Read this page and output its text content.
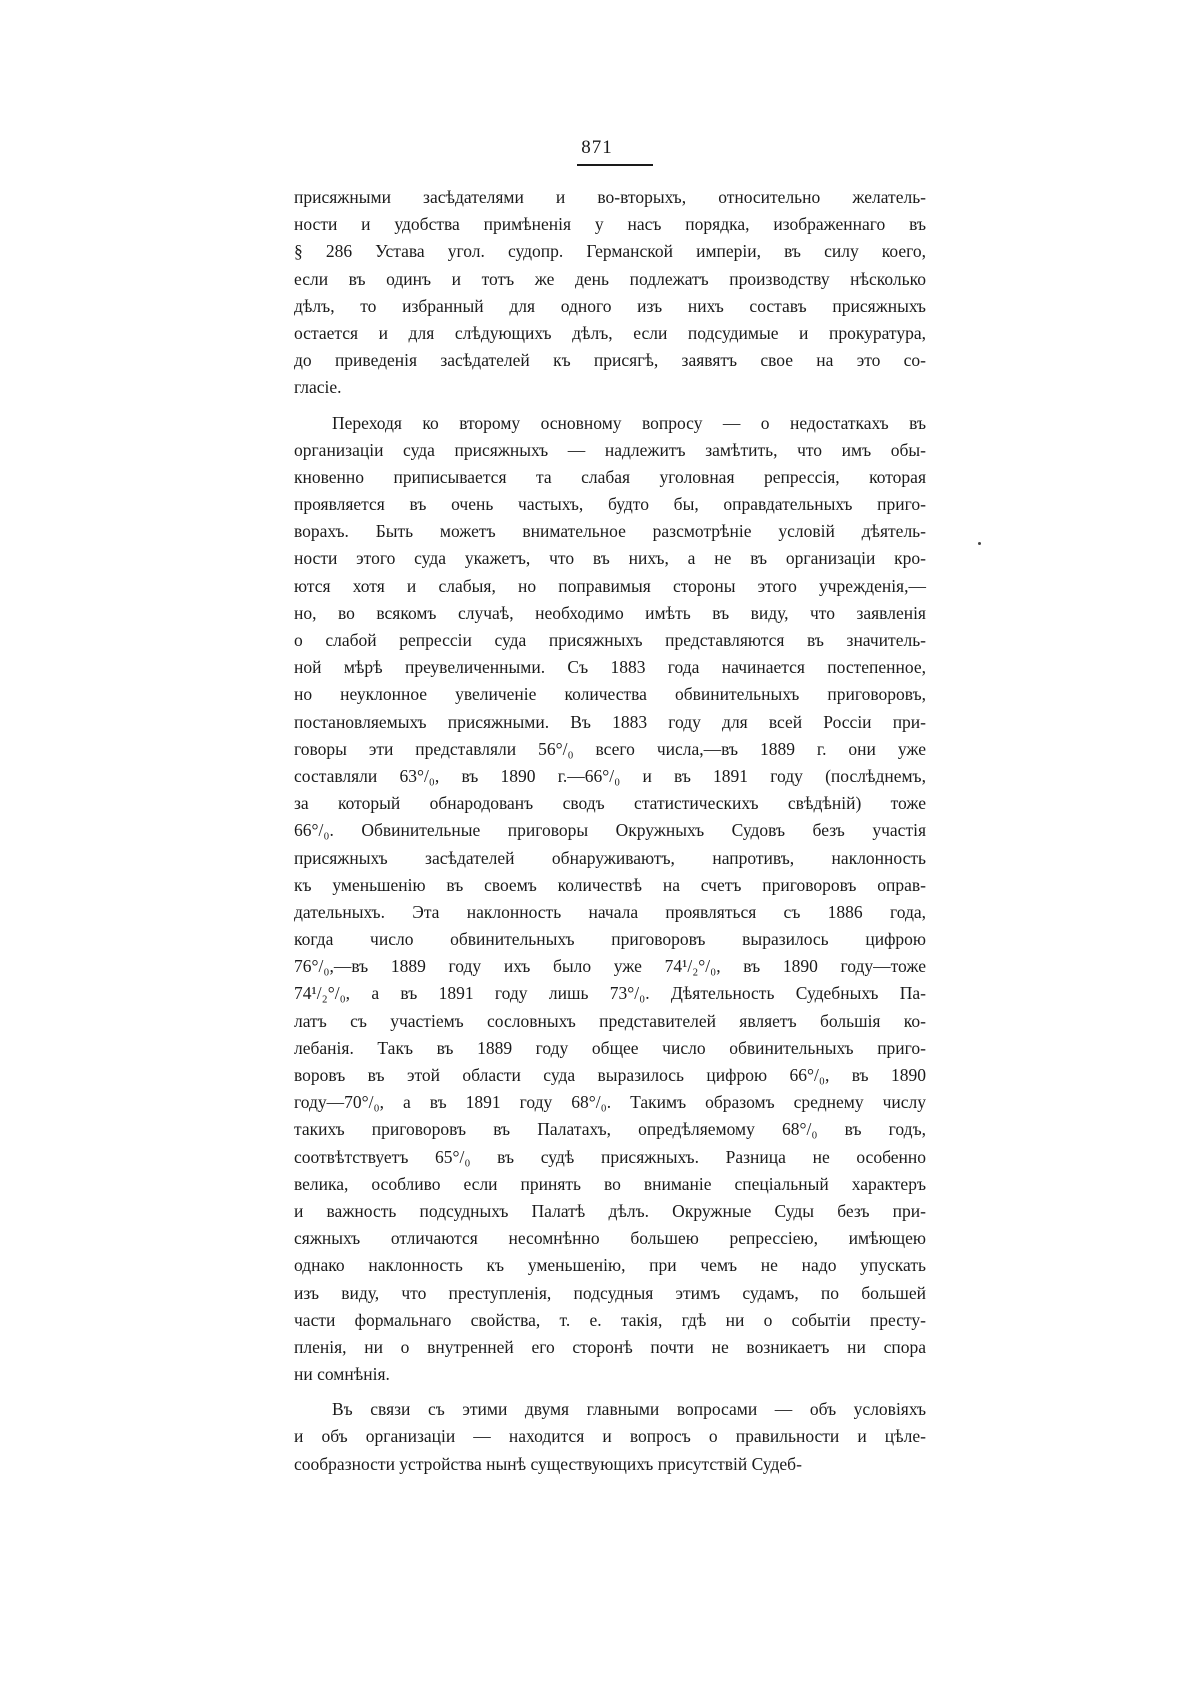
871
присяжными засѣдателями и во-вторыхъ, относительно желатель-
ности и удобства примѣненія у насъ порядка, изображеннаго въ
§ 286 Устава угол. судопр. Германской имперіи, въ силу коего,
если въ одинъ и тотъ же день подлежатъ производству нѣсколько
дѣлъ, то избранный для одного изъ нихъ составъ присяжныхъ
остается и для слѣдующихъ дѣлъ, если подсудимые и прокуратура,
до приведенія засѣдателей къ присягѣ, заявятъ свое на это со-
гласіе.
Переходя ко второму основному вопросу — о недостаткахъ въ
организаціи суда присяжныхъ — надлежитъ замѣтить, что имъ обы-
кновенно приписывается та слабая уголовная репрессія, которая
проявляется въ очень частыхъ, будто бы, оправдательныхъ приго-
ворахъ. Быть можетъ внимательное разсмотрѣніе условій дѣятель-
ности этого суда укажетъ, что въ нихъ, а не въ организаціи кро-
ются хотя и слабыя, но поправимыя стороны этого учрежденія,—
но, во всякомъ случаѣ, необходимо имѣть въ виду, что заявленія
о слабой репрессіи суда присяжныхъ представляются въ значитель-
ной мѣрѣ преувеличенными. Съ 1883 года начинается постепенное,
но неуклонное увеличеніе количества обвинительныхъ приговоровъ,
постановляемыхъ присяжными. Въ 1883 году для всей Россіи при-
говоры эти представляли 56°/₀ всего числа,—въ 1889 г. они уже
составляли 63°/₀, въ 1890 г.—66°/₀ и въ 1891 году (послѣднемъ,
за который обнародованъ сводъ статистическихъ свѣдѣній) тоже
66°/₀. Обвинительные приговоры Окружныхъ Судовъ безъ участія
присяжныхъ засѣдателей обнаруживаютъ, напротивъ, наклонность
къ уменьшенію въ своемъ количествѣ на счетъ приговоровъ оправ-
дательныхъ. Эта наклонность начала проявляться съ 1886 года,
когда число обвинительныхъ приговоровъ выразилось цифрою
76°/₀,—въ 1889 году ихъ было уже 74¹/₂°/₀, въ 1890 году—тоже
74¹/₂°/₀, а въ 1891 году лишь 73°/₀. Дѣятельность Судебныхъ Па-
латъ съ участіемъ сословныхъ представителей являетъ большія ко-
лебанія. Такъ въ 1889 году общее число обвинительныхъ приго-
воровъ въ этой области суда выразилось цифрою 66°/₀, въ 1890
году—70°/₀, а въ 1891 году 68°/₀. Такимъ образомъ среднему числу
такихъ приговоровъ въ Палатахъ, опредѣляемому 68°/₀ въ годъ,
соотвѣтствуетъ 65°/₀ въ судѣ присяжныхъ. Разница не особенно
велика, особливо если принять во вниманіе спеціальный характеръ
и важность подсудныхъ Палатѣ дѣлъ. Окружные Суды безъ при-
сяжныхъ отличаются несомнѣнно большею репрессіею, имѣющею
однако наклонность къ уменьшенію, при чемъ не надо упускать
изъ виду, что преступленія, подсудныя этимъ судамъ, по большей
части формальнаго свойства, т. е. такія, гдѣ ни о событіи престу-
пленія, ни о внутренней его сторонѣ почти не возникаетъ ни спора
ни сомнѣнія.
Въ связи съ этими двумя главными вопросами — объ условіяхъ
и объ организаціи — находится и вопросъ о правильности и цѣле-
сообразности устройства нынѣ существующихъ присутствій Судеб-
